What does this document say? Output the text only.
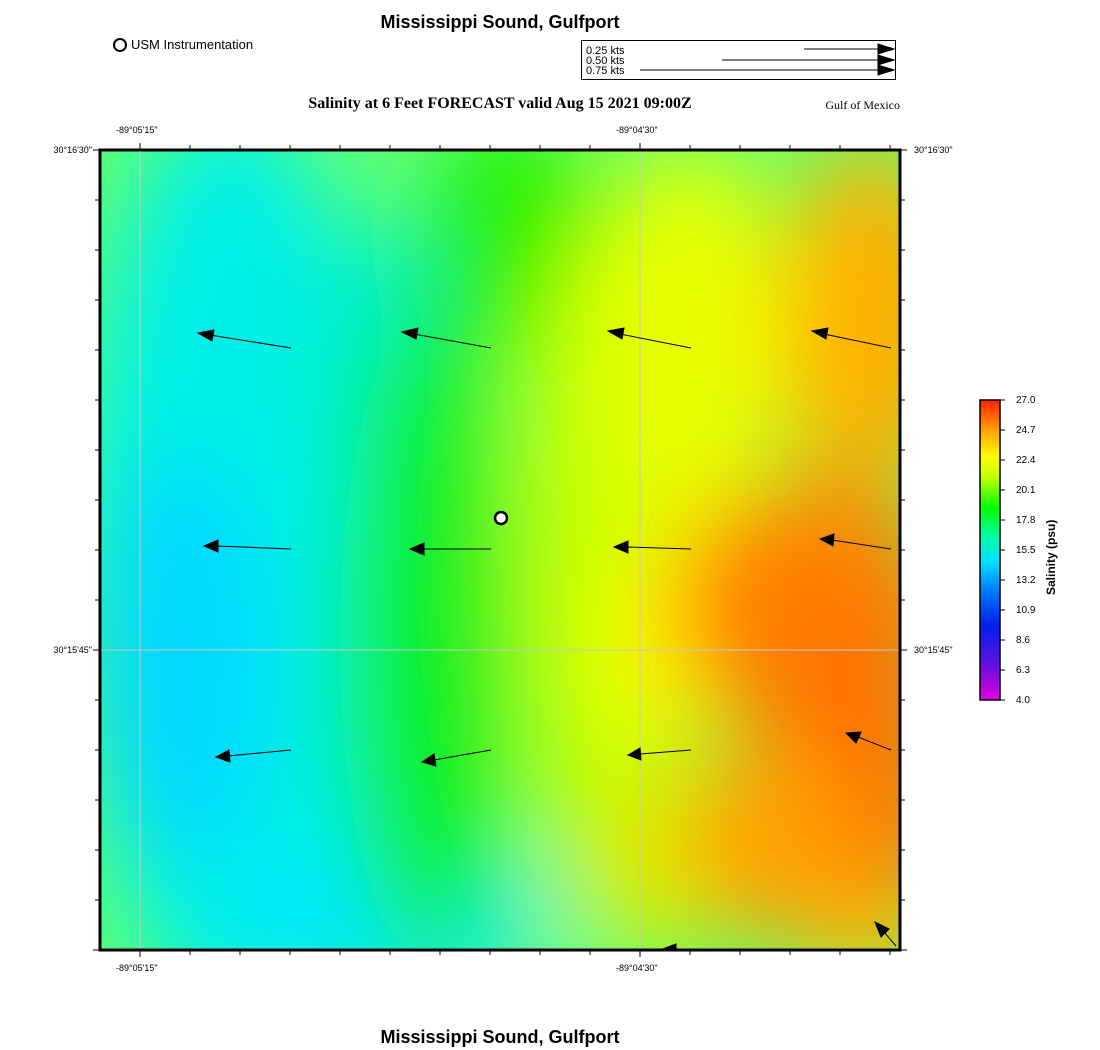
Mississippi Sound, Gulfport
USM Instrumentation	0.25 kts
0.50 kts
0.75 kts
Salinity at 6 Feet FORECAST valid Aug 15 2021 09:00Z	Gulf of Mexico
-89°05'15"	-89°04'30"
-89°05'15"	-89°04'30"
30°16'30"
30°15'45"
30°16'30"
30°15'45"
27.0
24.7
22.4
20.1
17.8
15.5
13.2
10.9
8.6
6.3
4.0
Salinity (psu)
Mississippi Sound, Gulfport
